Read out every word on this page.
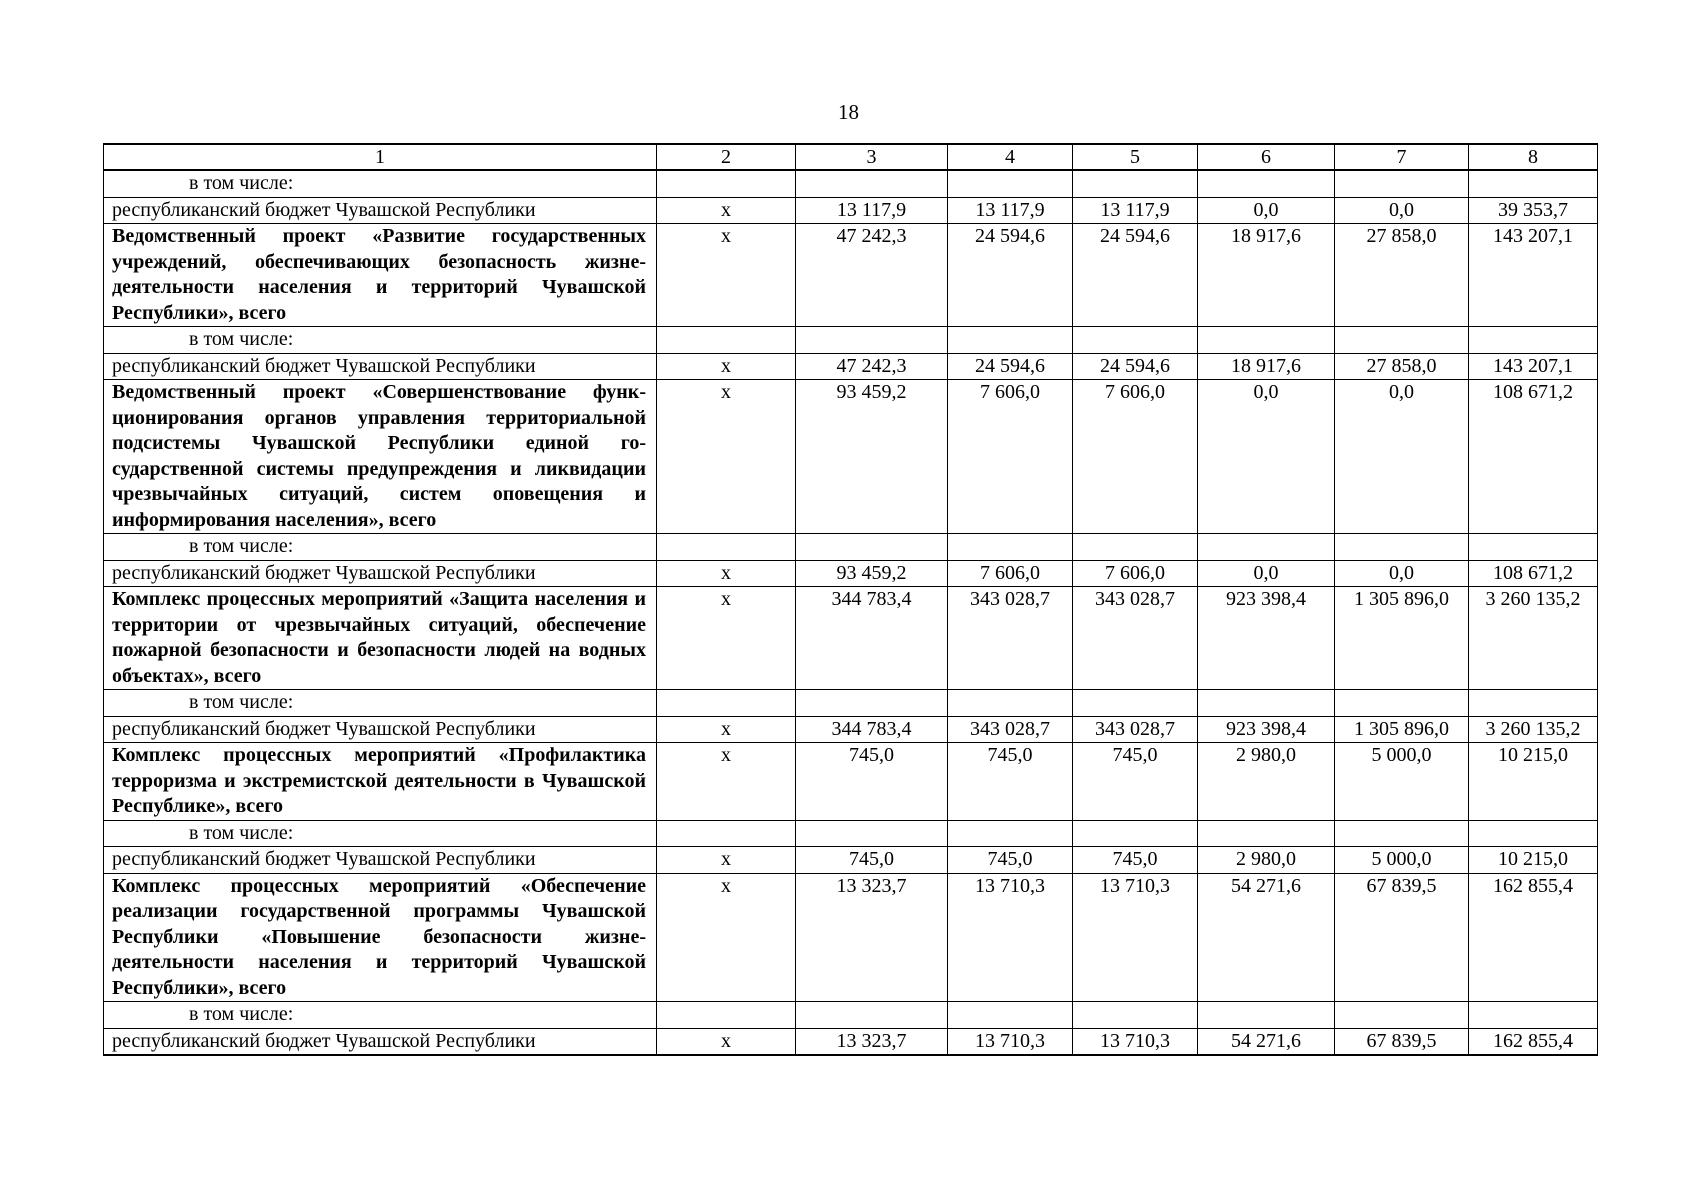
18
1	2	3	4	5	6	7	8
в том числе:							
республиканский бюджет Чувашской Республики	х	13 117,9	13 117,9	13 117,9	0,0	0,0	39 353,7
Ведомственный проект «Развитие государственных учреждений, обеспечивающих безопасность жизнедеятельности населения и территорий Чувашской Республики», всего	х	47 242,3	24 594,6	24 594,6	18 917,6	27 858,0	143 207,1
в том числе:							
республиканский бюджет Чувашской Республики	х	47 242,3	24 594,6	24 594,6	18 917,6	27 858,0	143 207,1
Ведомственный проект «Совершенствование функционирования органов управления территориальной подсистемы Чувашской Республики единой государственной системы предупреждения и ликвидации чрезвычайных ситуаций, систем оповещения и информирования населения», всего	х	93 459,2	7 606,0	7 606,0	0,0	0,0	108 671,2
в том числе:							
республиканский бюджет Чувашской Республики	х	93 459,2	7 606,0	7 606,0	0,0	0,0	108 671,2
Комплекс процессных мероприятий «Защита населения и территории от чрезвычайных ситуаций, обеспечение пожарной безопасности и безопасности людей на водных объектах», всего	х	344 783,4	343 028,7	343 028,7	923 398,4	1 305 896,0	3 260 135,2
в том числе:							
республиканский бюджет Чувашской Республики	х	344 783,4	343 028,7	343 028,7	923 398,4	1 305 896,0	3 260 135,2
Комплекс процессных мероприятий «Профилактика терроризма и экстремистской деятельности в Чувашской Республике», всего	х	745,0	745,0	745,0	2 980,0	5 000,0	10 215,0
в том числе:							
республиканский бюджет Чувашской Республики	х	745,0	745,0	745,0	2 980,0	5 000,0	10 215,0
Комплекс процессных мероприятий «Обеспечение реализации государственной программы Чувашской Республики «Повышение безопасности жизнедеятельности населения и территорий Чувашской Республики», всего	х	13 323,7	13 710,3	13 710,3	54 271,6	67 839,5	162 855,4
в том числе:							
республиканский бюджет Чувашской Республики	х	13 323,7	13 710,3	13 710,3	54 271,6	67 839,5	162 855,4
